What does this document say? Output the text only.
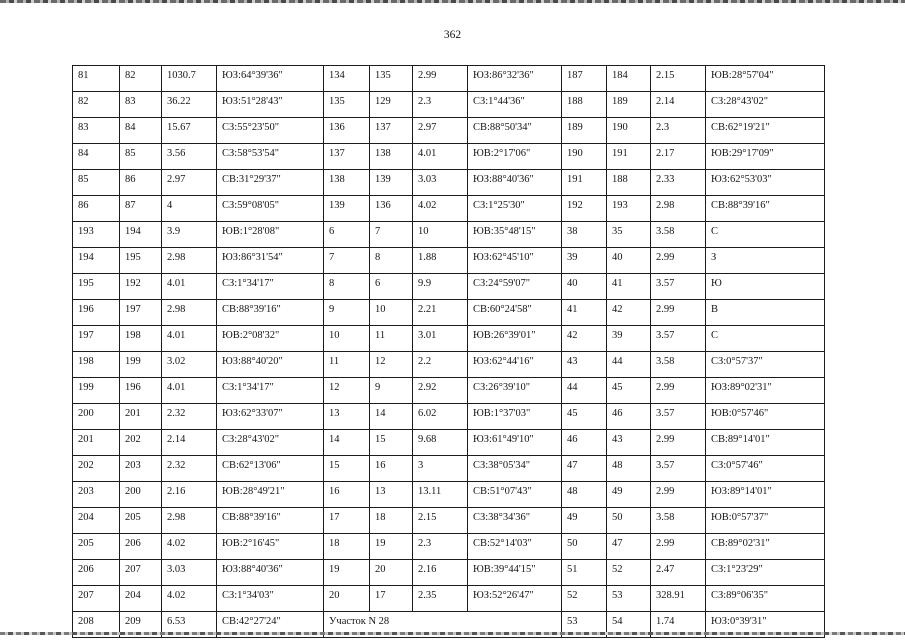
362
81	82	1030.7	ЮЗ:64°39'36"	134	135	2.99	ЮЗ:86°32'36"	187	184	2.15	ЮВ:28°57'04"

82	83	36.22	ЮЗ:51°28'43"	135	129	2.3	СЗ:1°44'36"	188	189	2.14	СЗ:28°43'02"

83	84	15.67	СЗ:55°23'50"	136	137	2.97	СВ:88°50'34"	189	190	2.3	СВ:62°19'21"

84	85	3.56	СЗ:58°53'54"	137	138	4.01	ЮВ:2°17'06"	190	191	2.17	ЮВ:29°17'09"

85	86	2.97	СВ:31°29'37"	138	139	3.03	ЮЗ:88°40'36"	191	188	2.33	ЮЗ:62°53'03"

86	87	4	СЗ:59°08'05"	139	136	4.02	СЗ:1°25'30"	192	193	2.98	СВ:88°39'16"

193	194	3.9	ЮВ:1°28'08"	6	7	10	ЮВ:35°48'15"	38	35	3.58	С

194	195	2.98	ЮЗ:86°31'54"	7	8	1.88	ЮЗ:62°45'10"	39	40	2.99	З

195	192	4.01	СЗ:1°34'17"	8	6	9.9	СЗ:24°59'07"	40	41	3.57	Ю

196	197	2.98	СВ:88°39'16"	9	10	2.21	СВ:60°24'58"	41	42	2.99	В

197	198	4.01	ЮВ:2°08'32"	10	11	3.01	ЮВ:26°39'01"	42	39	3.57	С

198	199	3.02	ЮЗ:88°40'20"	11	12	2.2	ЮЗ:62°44'16"	43	44	3.58	СЗ:0°57'37"

199	196	4.01	СЗ:1°34'17"	12	9	2.92	СЗ:26°39'10"	44	45	2.99	ЮЗ:89°02'31"

200	201	2.32	ЮЗ:62°33'07"	13	14	6.02	ЮВ:1°37'03"	45	46	3.57	ЮВ:0°57'46"

201	202	2.14	СЗ:28°43'02"	14	15	9.68	ЮЗ:61°49'10"	46	43	2.99	СВ:89°14'01"

202	203	2.32	СВ:62°13'06"	15	16	3	СЗ:38°05'34"	47	48	3.57	СЗ:0°57'46"

203	200	2.16	ЮВ:28°49'21"	16	13	13.11	СВ:51°07'43"	48	49	2.99	ЮЗ:89°14'01"

204	205	2.98	СВ:88°39'16"	17	18	2.15	СЗ:38°34'36"	49	50	3.58	ЮВ:0°57'37"

205	206	4.02	ЮВ:2°16'45"	18	19	2.3	СВ:52°14'03"	50	47	2.99	СВ:89°02'31"

206	207	3.03	ЮЗ:88°40'36"	19	20	2.16	ЮВ:39°44'15"	51	52	2.47	СЗ:1°23'29"

207	204	4.02	СЗ:1°34'03"	20	17	2.35	ЮЗ:52°26'47"	52	53	328.91	СЗ:89°06'35"

208	209	6.53	СВ:42°27'24"	Участок N 28				53	54	1.74	ЮЗ:0°39'31"
